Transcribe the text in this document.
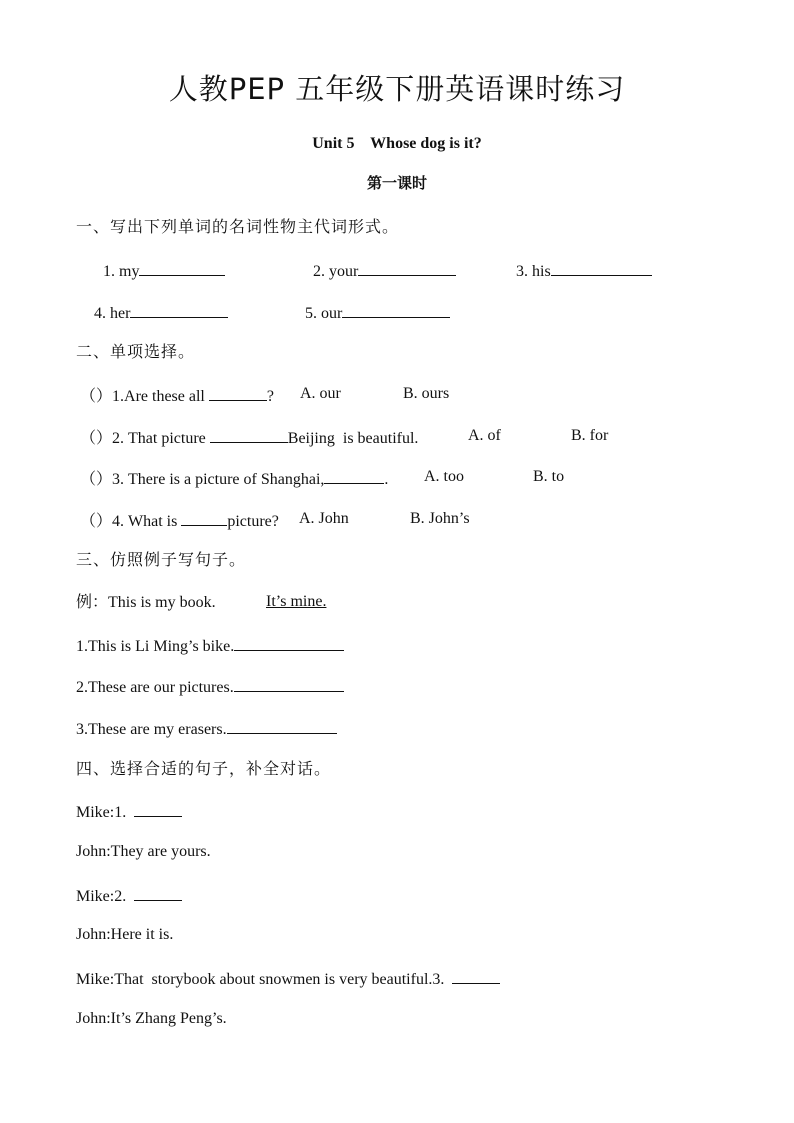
人教PEP 五年级下册英语课时练习
Unit 5    Whose dog is it?
第一课时
一、写出下列单词的名词性物主代词形式。
1. my	2. your	3. his
4. her	5. our
二、单项选择。
（）1.Are these all	? A. our	B. ours
（）2. That picture	Beijing  is beautiful.	A. of	B. for
（）3. There is a picture of Shanghai,	. A. too	B. to
（）4. What is	picture? A. John	B. John’s
三、仿照例子写句子。
例：This is my book.	It’s mine.
1.This is Li Ming’s bike.
2.These are our pictures.
3.These are my erasers.
四、选择合适的句子，补全对话。
Mike:1.
John:They are yours.
Mike:2.
John:Here it is.
Mike:That  storybook about snowmen is very beautiful.3.
John:It’s Zhang Peng’s.
